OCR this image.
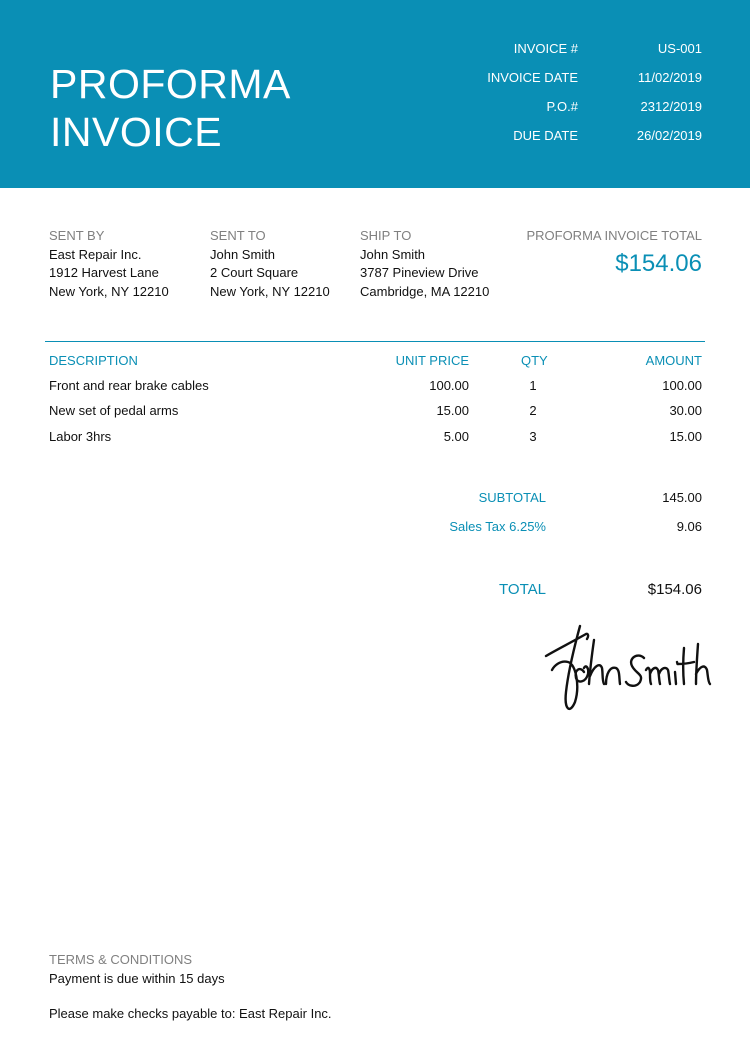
PROFORMA
INVOICE
INVOICE #	US-001
INVOICE DATE	11/02/2019
P.O.#	2312/2019
DUE DATE	26/02/2019
SENT BY
East Repair Inc.
1912 Harvest Lane
New York, NY 12210
SENT TO
John Smith
2 Court Square
New York, NY 12210
SHIP TO
John Smith
3787 Pineview Drive
Cambridge, MA 12210
PROFORMA INVOICE TOTAL
$154.06
DESCRIPTION	UNIT PRICE	QTY	AMOUNT
Front and rear brake cables	100.00	1	100.00
New set of pedal arms	15.00	2	30.00
Labor 3hrs	5.00	3	15.00
SUBTOTAL	145.00
Sales Tax 6.25%	9.06
TOTAL	$154.06
TERMS & CONDITIONS
Payment is due within 15 days
Please make checks payable to: East Repair Inc.
